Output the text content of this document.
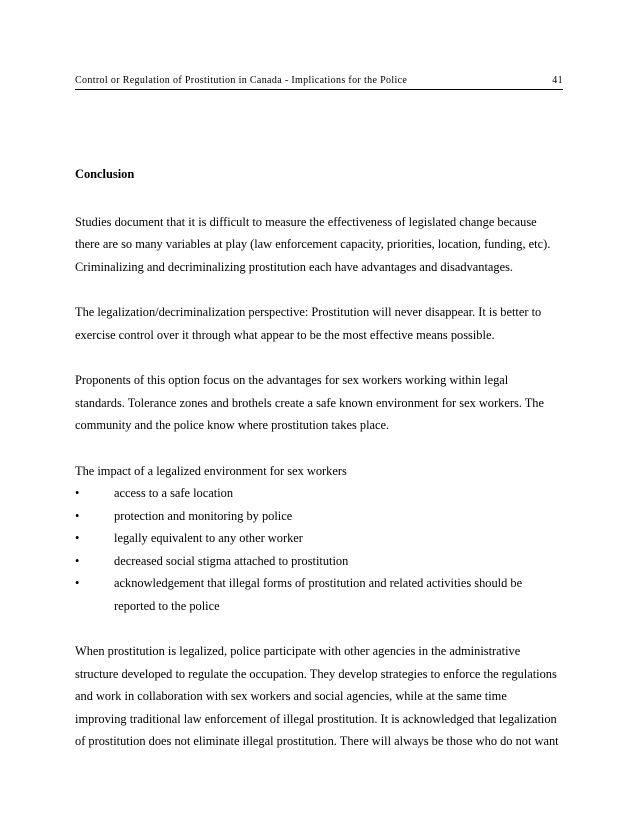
Control or Regulation of Prostitution in Canada - Implications for the Police	41
Conclusion

Studies document that it is difficult to measure the effectiveness of legislated change because
there are so many variables at play (law enforcement capacity, priorities, location, funding, etc).
Criminalizing and decriminalizing prostitution each have advantages and disadvantages.

The legalization/decriminalization perspective: Prostitution will never disappear. It is better to
exercise control over it through what appear to be the most effective means possible.

Proponents of this option focus on the advantages for sex workers working within legal
standards. Tolerance zones and brothels create a safe known environment for sex workers. The
community and the police know where prostitution takes place.

The impact of a legalized environment for sex workers

•	access to a safe location
•	protection and monitoring by police
•	legally equivalent to any other worker
•	decreased social stigma attached to prostitution
•	acknowledgement that illegal forms of prostitution and related activities should be
reported to the police

When prostitution is legalized, police participate with other agencies in the administrative
structure developed to regulate the occupation. They develop strategies to enforce the regulations
and work in collaboration with sex workers and social agencies, while at the same time
improving traditional law enforcement of illegal prostitution. It is acknowledged that legalization
of prostitution does not eliminate illegal prostitution. There will always be those who do not want
